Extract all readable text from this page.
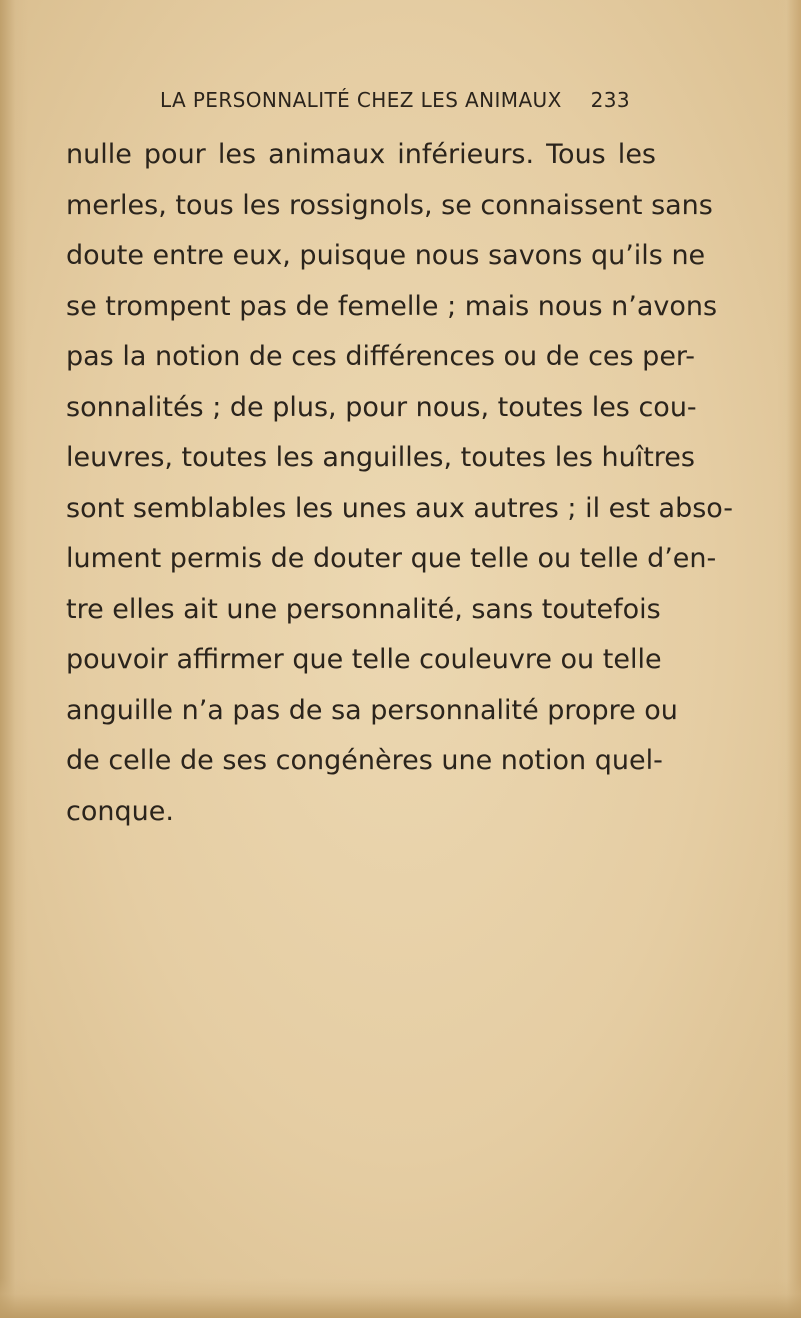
LA PERSONNALITÉ CHEZ LES ANIMAUX 233
nulle pour les animaux inférieurs. Tous les
merles, tous les rossignols, se connaissent sans
doute entre eux, puisque nous savons qu’ils ne
se trompent pas de femelle ; mais nous n’avons
pas la notion de ces différences ou de ces per-
sonnalités ; de plus, pour nous, toutes les cou-
leuvres, toutes les anguilles, toutes les huîtres
sont semblables les unes aux autres ; il est abso-
lument permis de douter que telle ou telle d’en-
tre elles ait une personnalité, sans toutefois
pouvoir affirmer que telle couleuvre ou telle
anguille n’a pas de sa personnalité propre ou
de celle de ses congénères une notion quel-
conque.
